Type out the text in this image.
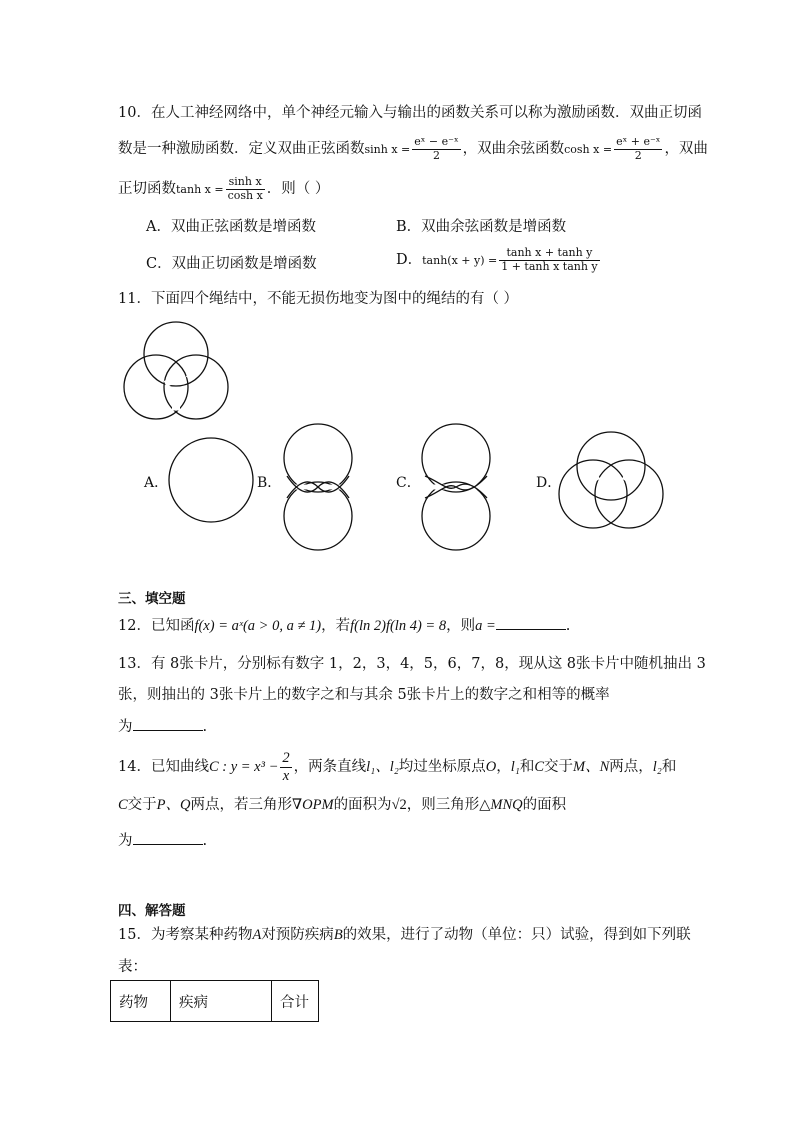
10．在人工神经网络中，单个神经元输入与输出的函数关系可以称为激励函数．双曲正切函
数是一种激励函数．定义双曲正弦函数$\sinh x = \frac{\text{eˣ − e⁻ˣ}}{2}$ ，双曲余弦函数$\cosh x = \frac{\text{eˣ + e⁻ˣ}}{2}$ ，双曲
正切函数$\tanh x = \frac{\text{sinh x}}{\text{cosh x}}$ ．则（ ）
A．双曲正弦函数是增函数	B．双曲余弦函数是增函数
C．双曲正切函数是增函数	D．$\tanh(x + y) = \frac{\text{tanh x + tanh y}}{\text{1 + tanh x tanh y}}$
11．下面四个绳结中，不能无损伤地变为图中的绳结的有（ ）
A．	B．	C．	D．
三、填空题
12．已知函f(x) = aˣ(a > 0, a ≠ 1)，若f(ln 2)f(ln 4) = 8，则a =	.
13．有 8张卡片，分别标有数字 1，2，3，4，5，6，7，8，现从这 8张卡片中随机抽出 3
张，则抽出的 3张卡片上的数字之和与其余 5张卡片上的数字之和相等的概率
为	.
14．已知曲线C : $y = x^3 - \frac{2}{x}$ ，两条直线l₁、l₂均过坐标原点O，l₁和C交于M、N两点，l₂和
C交于P、Q两点，若三角形∇OPM的面积为√2，则三角形△MNQ的面积
为	.
四、解答题
15．为考察某种药物A对预防疾病B的效果，进行了动物（单位：只）试验，得到如下列联
表：
药物	疾病	合计
